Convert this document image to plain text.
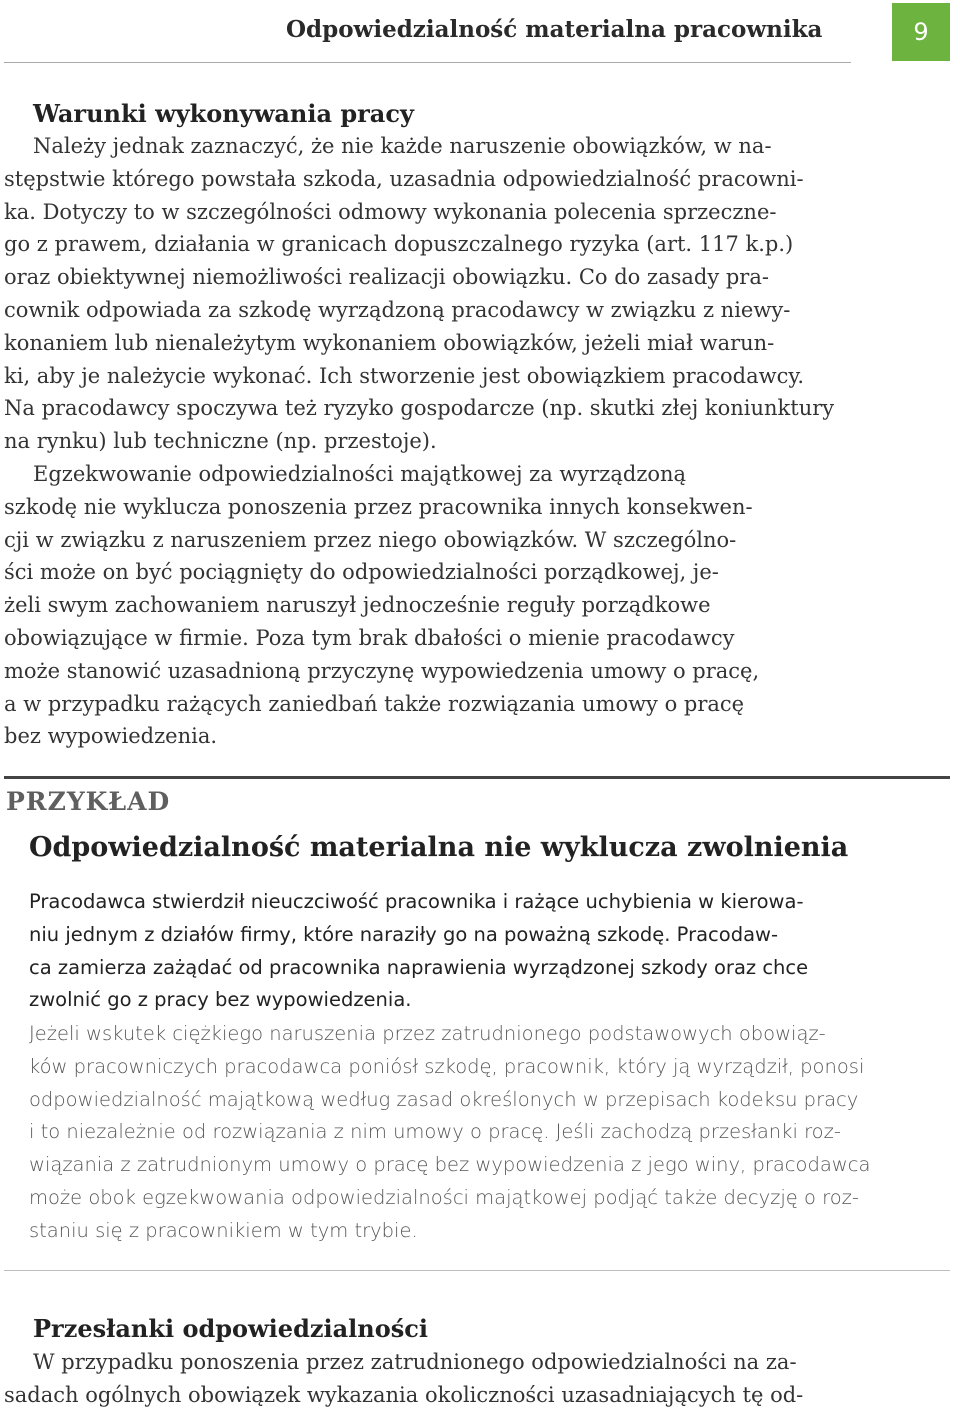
Odpowiedzialność materialna pracownika	9
Warunki wykonywania pracy
Należy jednak zaznaczyć, że nie każde naruszenie obowiązków, w na-
stępstwie którego powstała szkoda, uzasadnia odpowiedzialność pracowni-
ka. Dotyczy to w szczególności odmowy wykonania polecenia sprzeczne-
go z prawem, działania w granicach dopuszczalnego ryzyka (art. 117 k.p.)
oraz obiektywnej niemożliwości realizacji obowiązku. Co do zasady pra-
cownik odpowiada za szkodę wyrządzoną pracodawcy w związku z niewy-
konaniem lub nienależytym wykonaniem obowiązków, jeżeli miał warun-
ki, aby je należycie wykonać. Ich stworzenie jest obowiązkiem pracodawcy.
Na pracodawcy spoczywa też ryzyko gospodarcze (np. skutki złej koniunktury
na rynku) lub techniczne (np. przestoje).
Egzekwowanie odpowiedzialności majątkowej za wyrządzoną
szkodę nie wyklucza ponoszenia przez pracownika innych konsekwen-
cji w związku z naruszeniem przez niego obowiązków. W szczególno-
ści może on być pociągnięty do odpowiedzialności porządkowej, je-
żeli swym zachowaniem naruszył jednocześnie reguły porządkowe
obowiązujące w firmie. Poza tym brak dbałości o mienie pracodawcy
może stanowić uzasadnioną przyczynę wypowiedzenia umowy o pracę,
a w przypadku rażących zaniedbań także rozwiązania umowy o pracę
bez wypowiedzenia.
PRZYKŁAD
Odpowiedzialność materialna nie wyklucza zwolnienia
Pracodawca stwierdził nieuczciwość pracownika i rażące uchybienia w kierowa-
niu jednym z działów firmy, które naraziły go na poważną szkodę. Pracodaw-
ca zamierza zażądać od pracownika naprawienia wyrządzonej szkody oraz chce
zwolnić go z pracy bez wypowiedzenia.
Jeżeli wskutek ciężkiego naruszenia przez zatrudnionego podstawowych obowiąz-
ków pracowniczych pracodawca poniósł szkodę, pracownik, który ją wyrządził, ponosi
odpowiedzialność majątkową według zasad określonych w przepisach kodeksu pracy
i to niezależnie od rozwiązania z nim umowy o pracę. Jeśli zachodzą przesłanki roz-
wiązania z zatrudnionym umowy o pracę bez wypowiedzenia z jego winy, pracodawca
może obok egzekwowania odpowiedzialności majątkowej podjąć także decyzję o roz-
staniu się z pracownikiem w tym trybie.
Przesłanki odpowiedzialności
W przypadku ponoszenia przez zatrudnionego odpowiedzialności na za-
sadach ogólnych obowiązek wykazania okoliczności uzasadniających tę od-
